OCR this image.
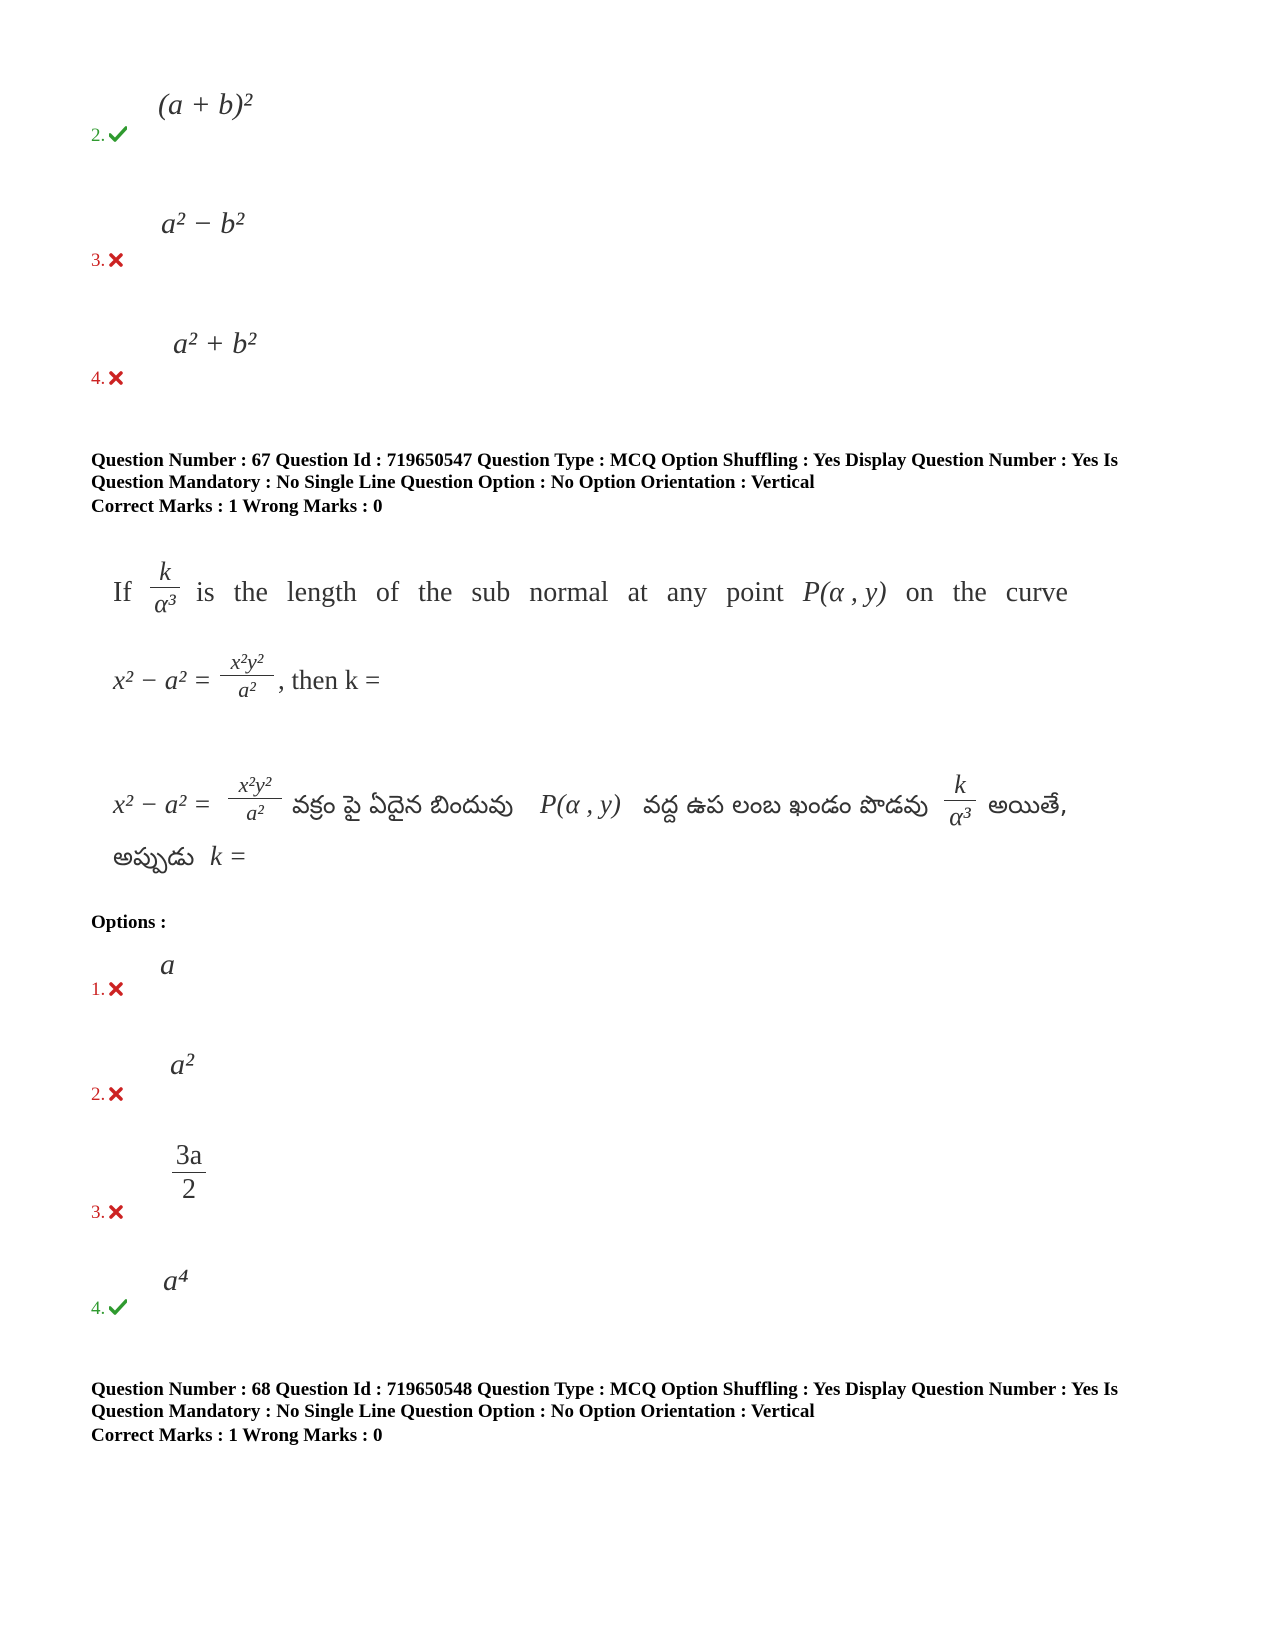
(a + b)²
2.
a² − b²
3.
a² + b²
4.
Question Number : 67 Question Id : 719650547 Question Type : MCQ Option Shuffling : Yes Display Question Number : Yes Is
Question Mandatory : No Single Line Question Option : No Option Orientation : Vertical
Correct Marks : 1 Wrong Marks : 0
If
k
α³ is the length of the sub normal at any point P(α , y) on the curve
x² − a² =
x²y²
a² , then k =
x² − a² =
x²y²
a²	వక్రం పై ఏదైన బిందువు P(α , y) వద్ద ఉప లంబ ఖండం పొడవు
k
α³ అయితే,
అప్పుడు k =
Options :
a
1.
a²
2.
3a
2
3.
a⁴
4.
Question Number : 68 Question Id : 719650548 Question Type : MCQ Option Shuffling : Yes Display Question Number : Yes Is
Question Mandatory : No Single Line Question Option : No Option Orientation : Vertical
Correct Marks : 1 Wrong Marks : 0
